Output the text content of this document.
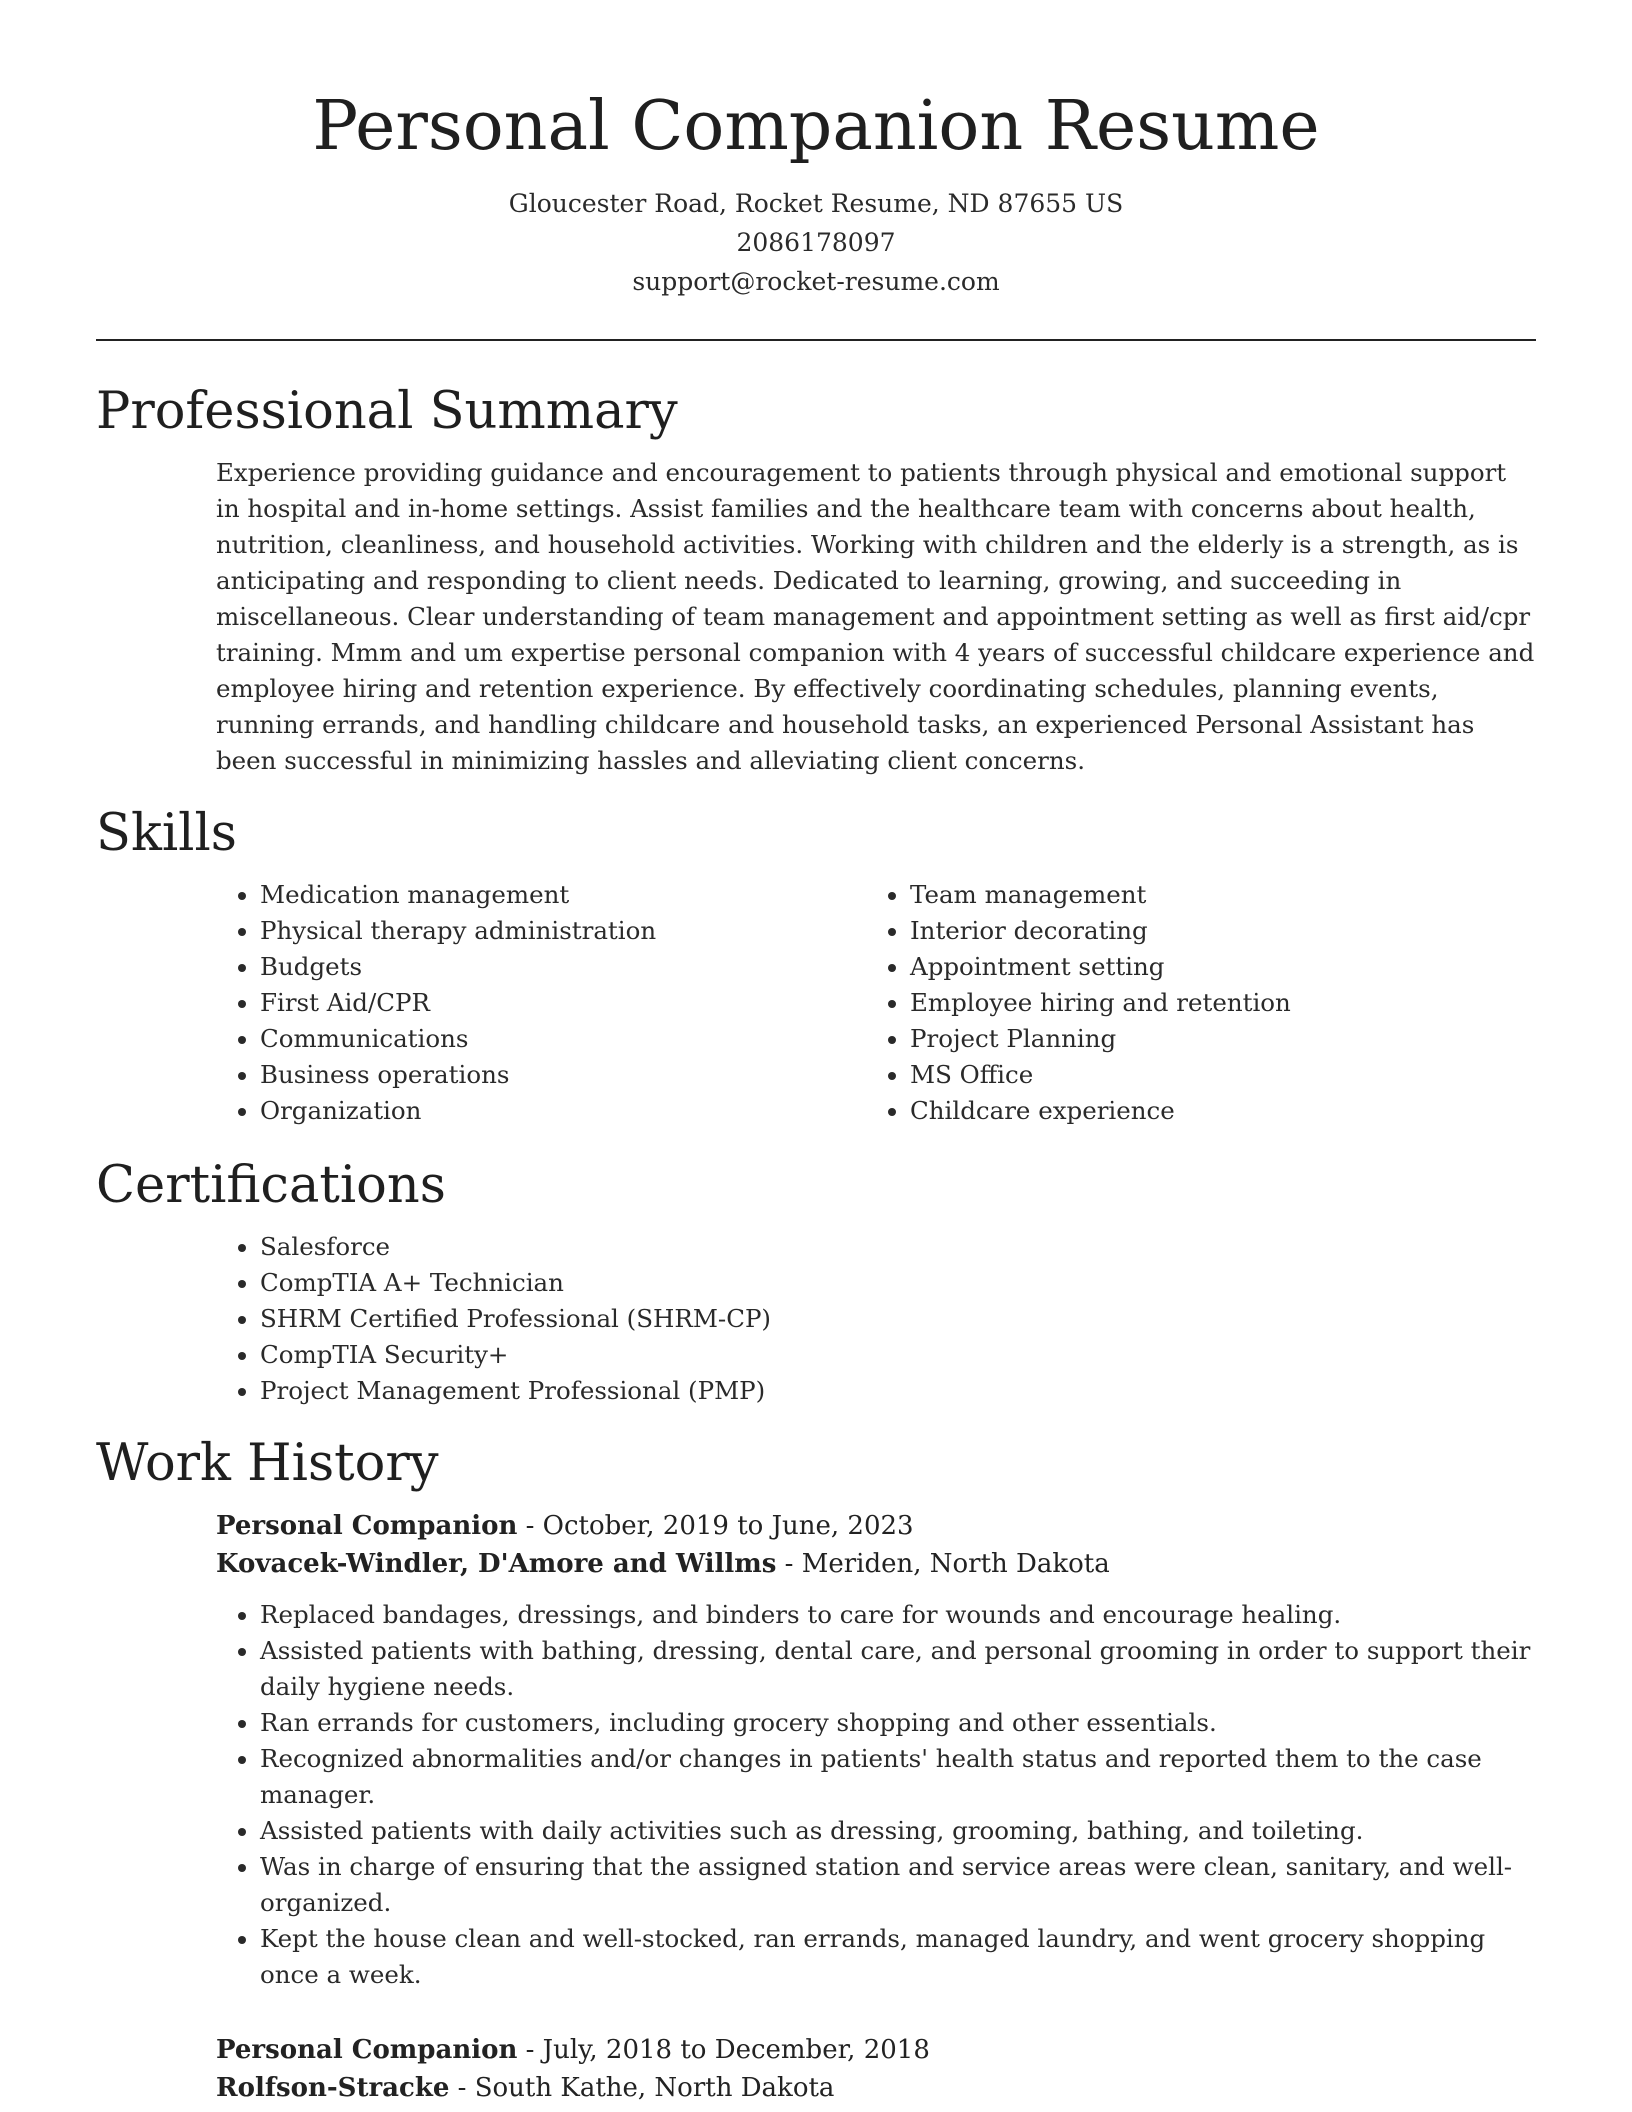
Personal Companion Resume
Gloucester Road, Rocket Resume, ND 87655 US
2086178097
support@rocket-resume.com
Professional Summary
Experience providing guidance and encouragement to patients through physical and emotional support in hospital and in-home settings. Assist families and the healthcare team with concerns about health, nutrition, cleanliness, and household activities. Working with children and the elderly is a strength, as is anticipating and responding to client needs. Dedicated to learning, growing, and succeeding in miscellaneous. Clear understanding of team management and appointment setting as well as first aid/cpr training. Mmm and um expertise personal companion with 4 years of successful childcare experience and employee hiring and retention experience. By effectively coordinating schedules, planning events, running errands, and handling childcare and household tasks, an experienced Personal Assistant has been successful in minimizing hassles and alleviating client concerns.
Skills
• Medication management
• Physical therapy administration
• Budgets
• First Aid/CPR
• Communications
• Business operations
• Organization
• Team management
• Interior decorating
• Appointment setting
• Employee hiring and retention
• Project Planning
• MS Office
• Childcare experience
Certifications
• Salesforce
• CompTIA A+ Technician
• SHRM Certified Professional (SHRM-CP)
• CompTIA Security+
• Project Management Professional (PMP)
Work History
Personal Companion - October, 2019 to June, 2023
Kovacek-Windler, D'Amore and Willms - Meriden, North Dakota
• Replaced bandages, dressings, and binders to care for wounds and encourage healing.
• Assisted patients with bathing, dressing, dental care, and personal grooming in order to support their daily hygiene needs.
• Ran errands for customers, including grocery shopping and other essentials.
• Recognized abnormalities and/or changes in patients' health status and reported them to the case manager.
• Assisted patients with daily activities such as dressing, grooming, bathing, and toileting.
• Was in charge of ensuring that the assigned station and service areas were clean, sanitary, and well-organized.
• Kept the house clean and well-stocked, ran errands, managed laundry, and went grocery shopping once a week.
Personal Companion - July, 2018 to December, 2018
Rolfson-Stracke - South Kathe, North Dakota
